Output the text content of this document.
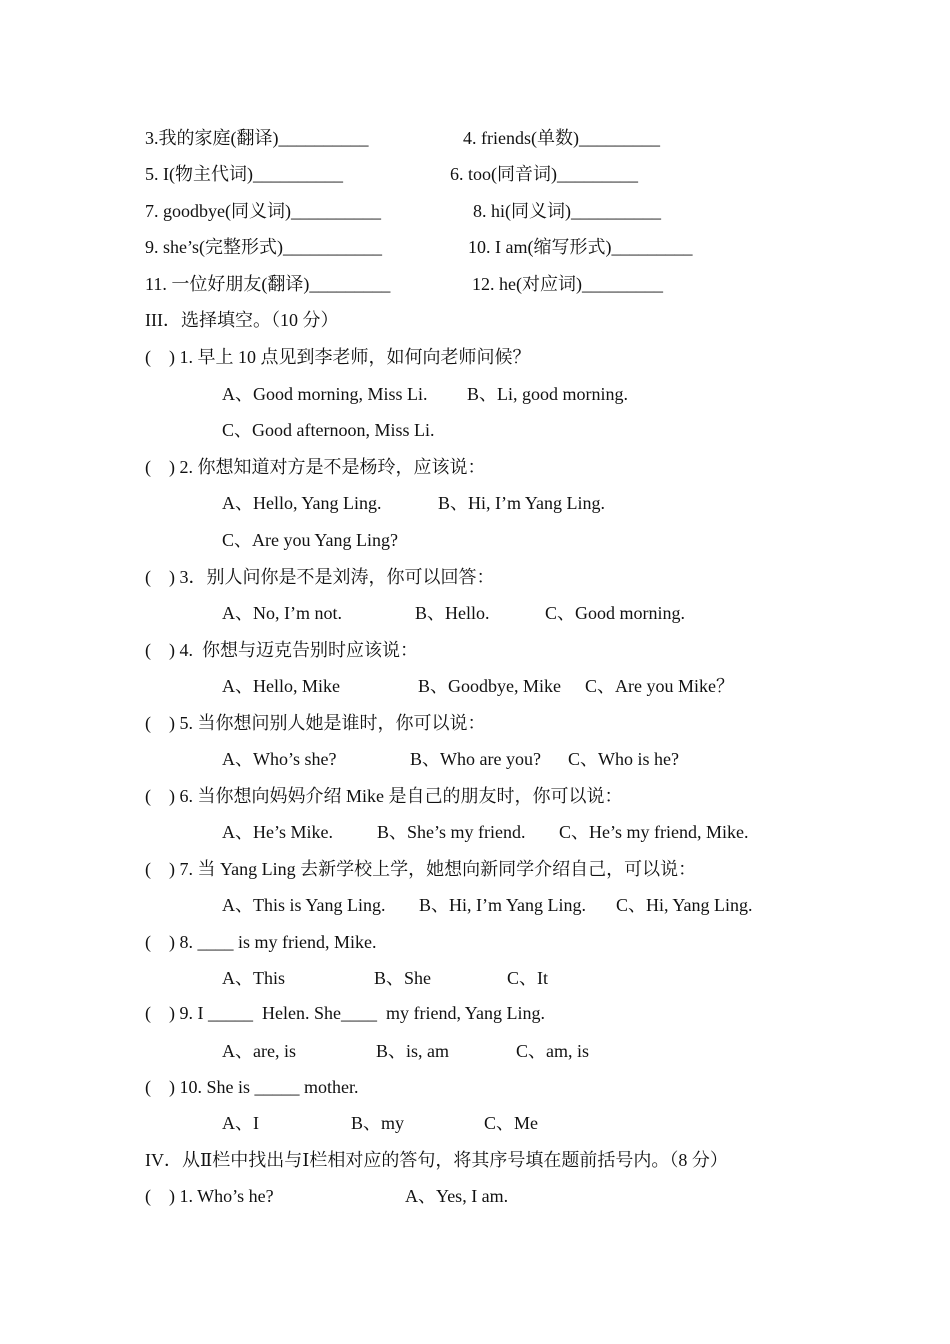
3.我的家庭(翻译)__________	4. friends(单数)_________
5. I(物主代词)__________	6. too(同音词)_________
7. goodbye(同义词)__________	8. hi(同义词)__________
9. she’s(完整形式)___________	10. I am(缩写形式)_________
11. 一位好朋友(翻译)_________	12. he(对应词)_________
III．选择填空。（10 分）
(    ) 1. 早上 10 点见到李老师，如何向老师问候？
A、Good morning, Miss Li. B、Li, good morning.
C、Good afternoon, Miss Li.
(    ) 2. 你想知道对方是不是杨玲，应该说：
A、Hello, Yang Ling.	B、Hi, I’m Yang Ling.
C、Are you Yang Ling?
(    ) 3．别人问你是不是刘涛，你可以回答：
A、No, I’m not.	B、Hello.	C、Good morning.
(    ) 4.  你想与迈克告别时应该说：
A、Hello, Mike	B、Goodbye, Mike C、Are you Mike？
(    ) 5. 当你想问别人她是谁时，你可以说：
A、Who’s she?	B、Who are you? C、Who is he?
(    ) 6. 当你想向妈妈介绍 Mike 是自己的朋友时，你可以说：
A、He’s Mike. B、She’s my friend. C、He’s my friend, Mike.
(    ) 7. 当 Yang Ling 去新学校上学，她想向新同学介绍自己，可以说：
A、This is Yang Ling. B、Hi, I’m Yang Ling. C、Hi, Yang Ling.
(    ) 8. ____ is my friend, Mike.
A、This	B、She	C、It
(    ) 9. I _____  Helen. She____  my friend, Yang Ling.
A、are, is	B、is, am	C、am, is
(    ) 10. She is _____ mother.
A、I	B、my	C、Me
IV．从Ⅱ栏中找出与Ⅰ栏相对应的答句，将其序号填在题前括号内。（8 分）
(    ) 1. Who’s he?	A、Yes, I am.
